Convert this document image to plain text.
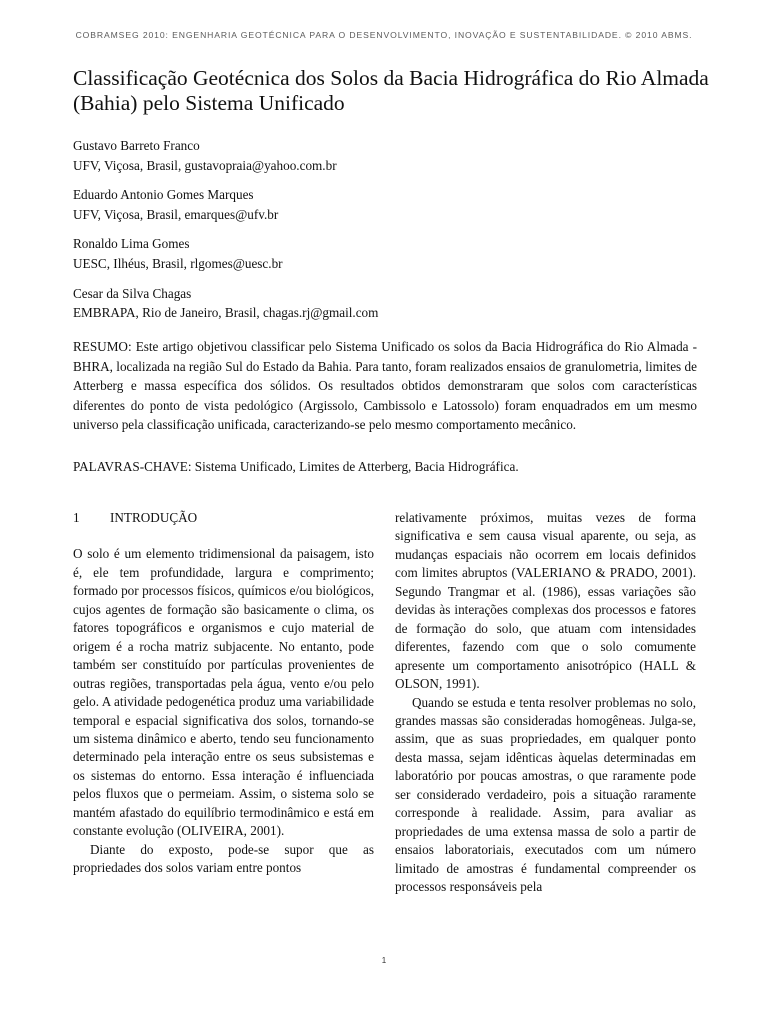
COBRAMSEG 2010: ENGENHARIA GEOTÉCNICA PARA O DESENVOLVIMENTO, INOVAÇÃO E SUSTENTABILIDADE. © 2010 ABMS.
Classificação Geotécnica dos Solos da Bacia Hidrográfica do Rio Almada (Bahia) pelo Sistema Unificado
Gustavo Barreto Franco
UFV, Viçosa, Brasil, gustavopraia@yahoo.com.br
Eduardo Antonio Gomes Marques
UFV, Viçosa, Brasil, emarques@ufv.br
Ronaldo Lima Gomes
UESC, Ilhéus, Brasil, rlgomes@uesc.br
Cesar da Silva Chagas
EMBRAPA, Rio de Janeiro, Brasil, chagas.rj@gmail.com

RESUMO: Este artigo objetivou classificar pelo Sistema Unificado os solos da Bacia Hidrográfica do Rio Almada - BHRA, localizada na região Sul do Estado da Bahia. Para tanto, foram realizados ensaios de granulometria, limites de Atterberg e massa específica dos sólidos. Os resultados obtidos demonstraram que solos com características diferentes do ponto de vista pedológico (Argissolo, Cambissolo e Latossolo) foram enquadrados em um mesmo universo pela classificação unificada, caracterizando-se pelo mesmo comportamento mecânico.

PALAVRAS-CHAVE: Sistema Unificado, Limites de Atterberg, Bacia Hidrográfica.

1 INTRODUÇÃO

O solo é um elemento tridimensional da paisagem, isto é, ele tem profundidade, largura e comprimento; formado por processos físicos, químicos e/ou biológicos, cujos agentes de formação são basicamente o clima, os fatores topográficos e organismos e cujo material de origem é a rocha matriz subjacente. No entanto, pode também ser constituído por partículas provenientes de outras regiões, transportadas pela água, vento e/ou pelo gelo. A atividade pedogenética produz uma variabilidade temporal e espacial significativa dos solos, tornando-se um sistema dinâmico e aberto, tendo seu funcionamento determinado pela interação entre os seus subsistemas e os sistemas do entorno. Essa interação é influenciada pelos fluxos que o permeiam. Assim, o sistema solo se mantém afastado do equilíbrio termodinâmico e está em constante evolução (OLIVEIRA, 2001).

Diante do exposto, pode-se supor que as propriedades dos solos variam entre pontos

relativamente próximos, muitas vezes de forma significativa e sem causa visual aparente, ou seja, as mudanças espaciais não ocorrem em locais definidos com limites abruptos (VALERIANO & PRADO, 2001). Segundo Trangmar et al. (1986), essas variações são devidas às interações complexas dos processos e fatores de formação do solo, que atuam com intensidades diferentes, fazendo com que o solo comumente apresente um comportamento anisotrópico (HALL & OLSON, 1991).

Quando se estuda e tenta resolver problemas no solo, grandes massas são consideradas homogêneas. Julga-se, assim, que as suas propriedades, em qualquer ponto desta massa, sejam idênticas àquelas determinadas em laboratório por poucas amostras, o que raramente pode ser considerado verdadeiro, pois a situação raramente corresponde à realidade. Assim, para avaliar as propriedades de uma extensa massa de solo a partir de ensaios laboratoriais, executados com um número limitado de amostras é fundamental compreender os processos responsáveis pela

1
